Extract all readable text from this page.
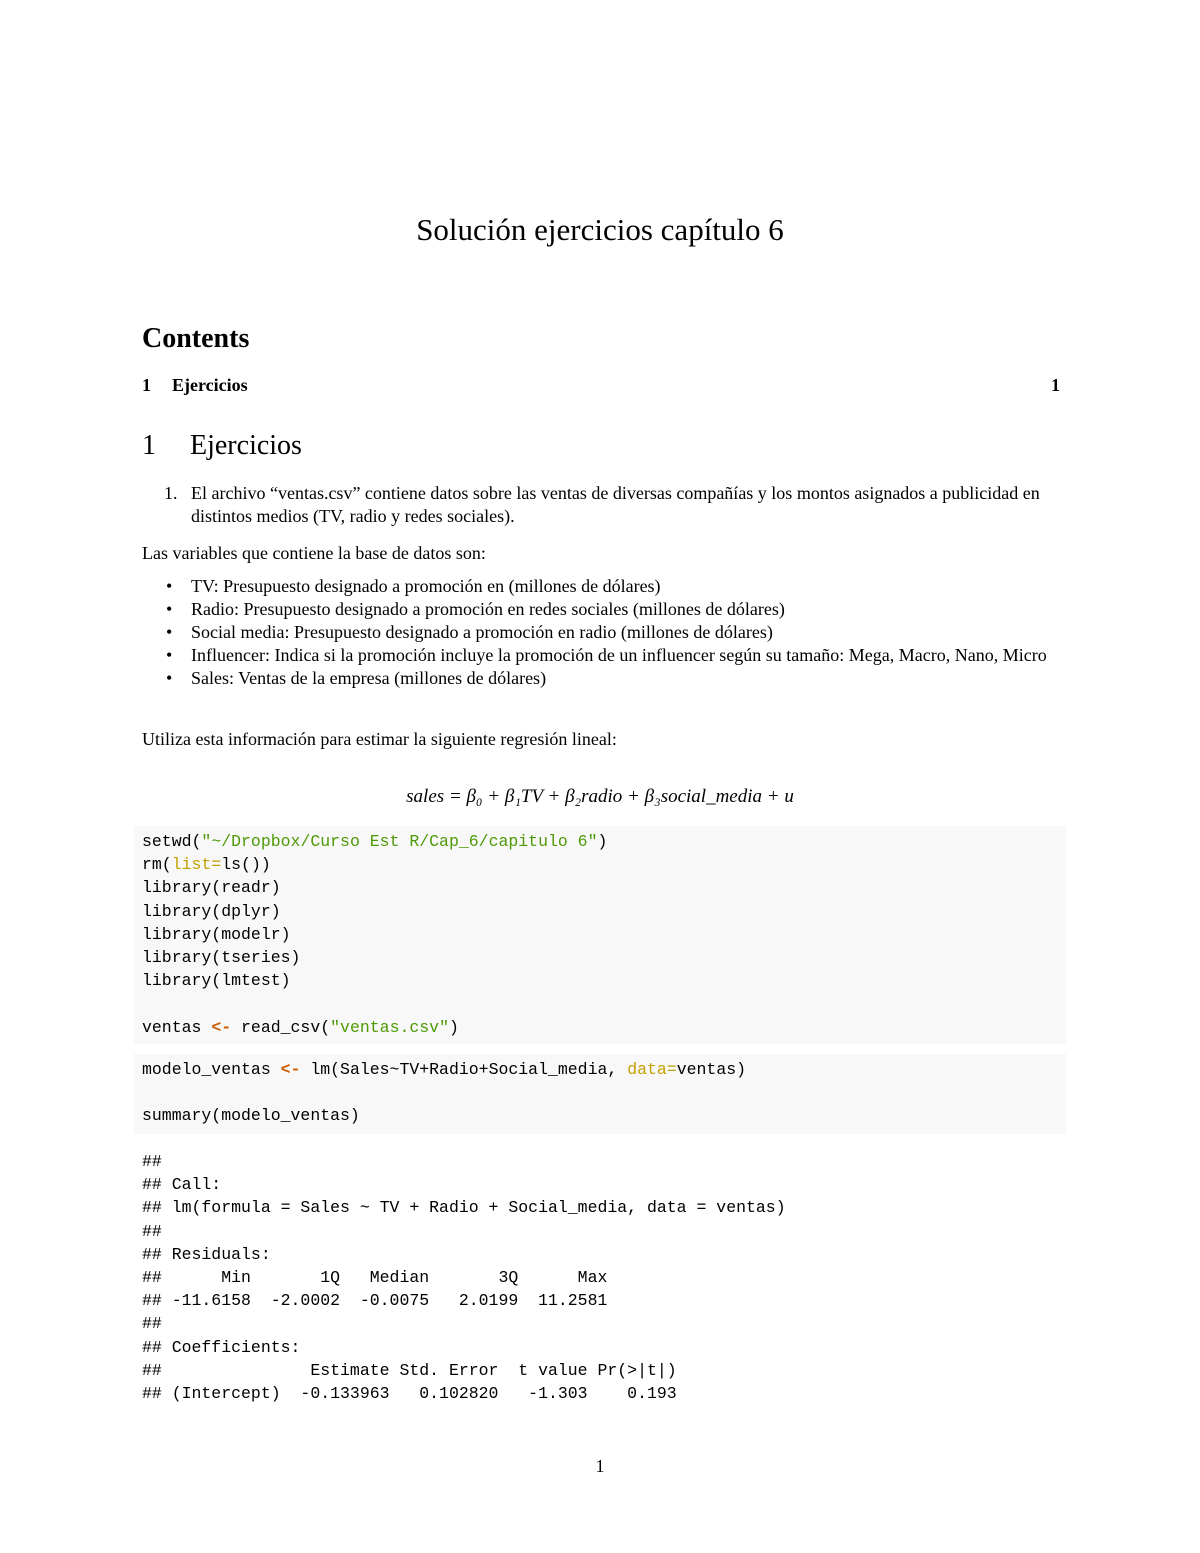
Solución ejercicios capítulo 6
Contents
1 Ejercicios	1
1 Ejercicios
1. El archivo “ventas.csv” contiene datos sobre las ventas de diversas compañías y los montos asignados a publicidad en distintos medios (TV, radio y redes sociales).
Las variables que contiene la base de datos son:
• TV: Presupuesto designado a promoción en (millones de dólares)
• Radio: Presupuesto designado a promoción en redes sociales (millones de dólares)
• Social media: Presupuesto designado a promoción en radio (millones de dólares)
• Influencer: Indica si la promoción incluye la promoción de un influencer según su tamaño: Mega, Macro, Nano, Micro
• Sales: Ventas de la empresa (millones de dólares)
Utiliza esta información para estimar la siguiente regresión lineal:
sales = β₀ + β₁TV + β₂radio + β₃social_media + u
setwd("~/Dropbox/Curso Est R/Cap_6/capitulo 6")
rm(list=ls())
library(readr)
library(dplyr)
library(modelr)
library(tseries)
library(lmtest)

ventas <- read_csv("ventas.csv")
modelo_ventas <- lm(Sales~TV+Radio+Social_media, data=ventas)

summary(modelo_ventas)
##
## Call:
## lm(formula = Sales ~ TV + Radio + Social_media, data = ventas)
##
## Residuals:
##      Min       1Q   Median       3Q      Max
## -11.6158  -2.0002  -0.0075   2.0199  11.2581
##
## Coefficients:
##               Estimate Std. Error  t value Pr(>|t|)
## (Intercept)  -0.133963   0.102820   -1.303    0.193
1
